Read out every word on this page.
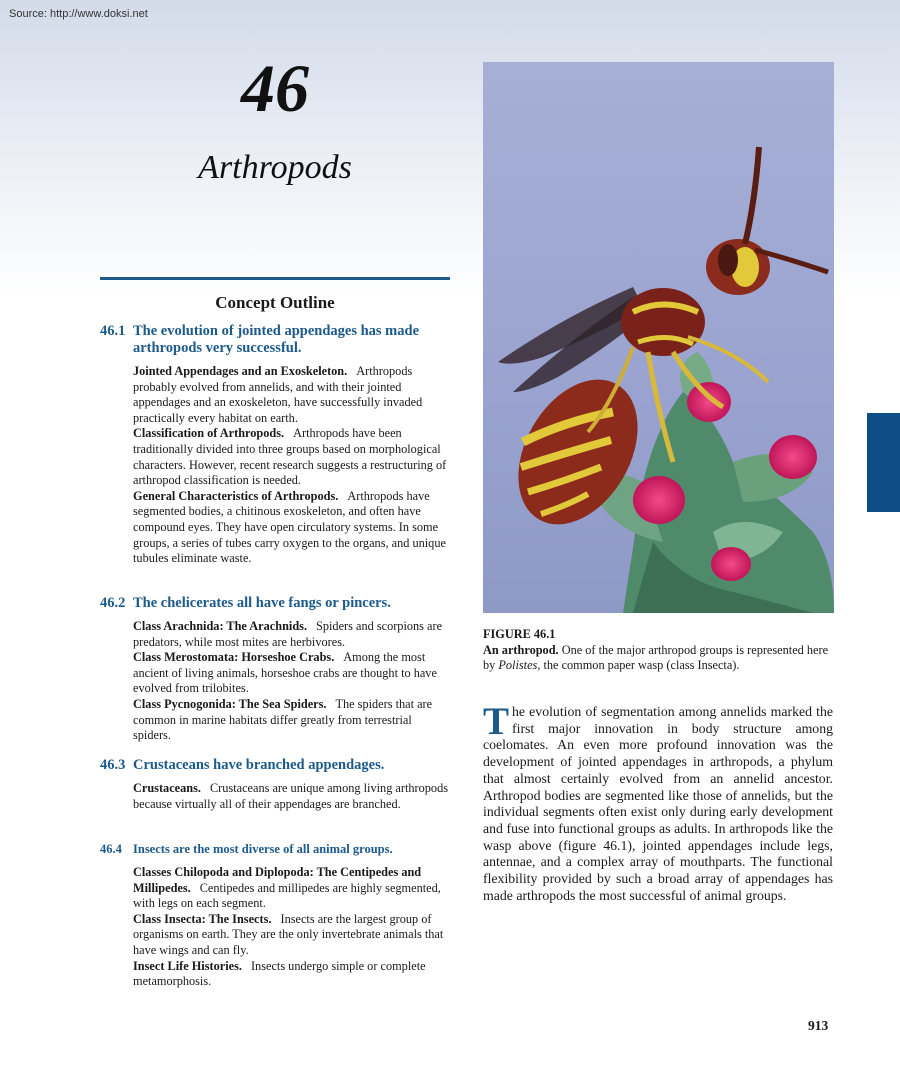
Source: http://www.doksi.net
46
Arthropods
Concept Outline
46.1 The evolution of jointed appendages has made arthropods very successful.
Jointed Appendages and an Exoskeleton. Arthropods probably evolved from annelids, and with their jointed appendages and an exoskeleton, have successfully invaded practically every habitat on earth.
Classification of Arthropods. Arthropods have been traditionally divided into three groups based on morphological characters. However, recent research suggests a restructuring of arthropod classification is needed.
General Characteristics of Arthropods. Arthropods have segmented bodies, a chitinous exoskeleton, and often have compound eyes. They have open circulatory systems. In some groups, a series of tubes carry oxygen to the organs, and unique tubules eliminate waste.
46.2 The chelicerates all have fangs or pincers.
Class Arachnida: The Arachnids. Spiders and scorpions are predators, while most mites are herbivores.
Class Merostomata: Horseshoe Crabs. Among the most ancient of living animals, horseshoe crabs are thought to have evolved from trilobites.
Class Pycnogonida: The Sea Spiders. The spiders that are common in marine habitats differ greatly from terrestrial spiders.
46.3 Crustaceans have branched appendages.
Crustaceans. Crustaceans are unique among living arthropods because virtually all of their appendages are branched.
46.4 Insects are the most diverse of all animal groups.
Classes Chilopoda and Diplopoda: The Centipedes and Millipedes. Centipedes and millipedes are highly segmented, with legs on each segment.
Class Insecta: The Insects. Insects are the largest group of organisms on earth. They are the only invertebrate animals that have wings and can fly.
Insect Life Histories. Insects undergo simple or complete metamorphosis.
FIGURE 46.1
An arthropod. One of the major arthropod groups is represented here by Polistes, the common paper wasp (class Insecta).
The evolution of segmentation among annelids marked the first major innovation in body structure among coelomates. An even more profound innovation was the development of jointed appendages in arthropods, a phylum that almost certainly evolved from an annelid ancestor. Arthropod bodies are segmented like those of annelids, but the individual segments often exist only during early development and fuse into functional groups as adults. In arthropods like the wasp above (figure 46.1), jointed appendages include legs, antennae, and a complex array of mouthparts. The functional flexibility provided by such a broad array of appendages has made arthropods the most successful of animal groups.
913
